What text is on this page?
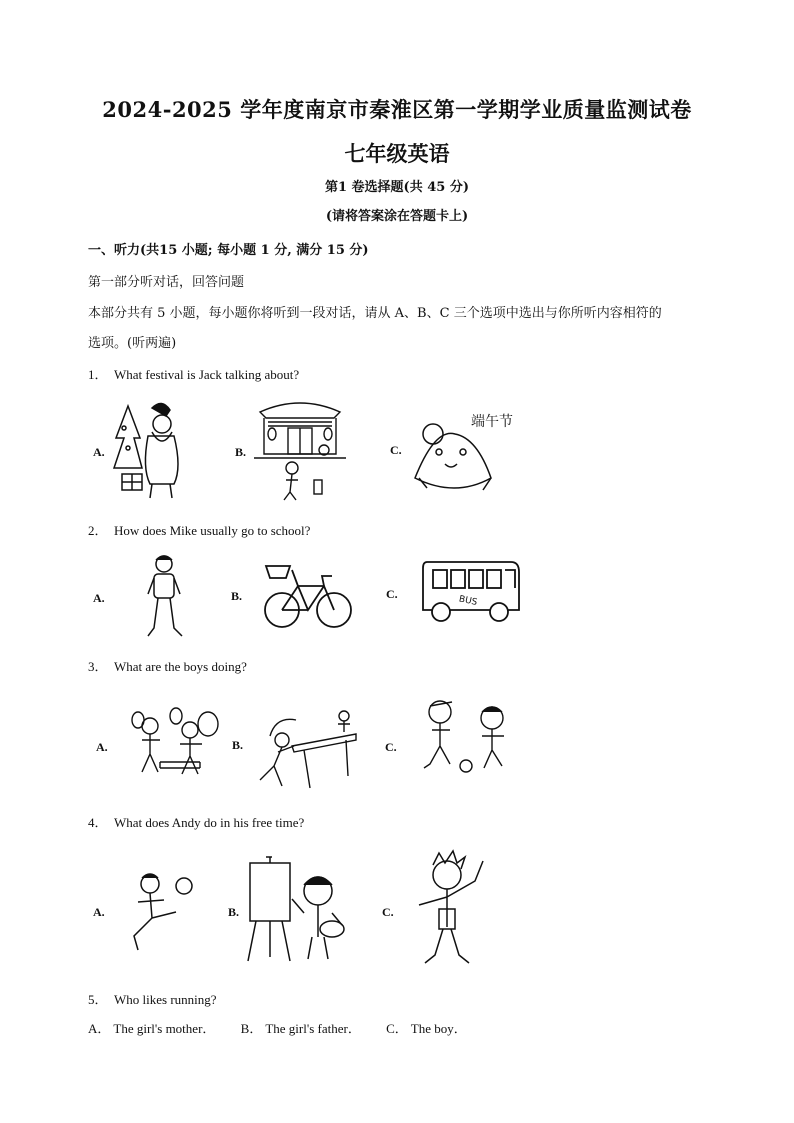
2024-2025 学年度南京市秦淮区第一学期学业质量监测试卷
七年级英语
第1 卷选择题(共 45 分)
(请将答案涂在答题卡上)
一、听力(共15 小题; 每小题 1 分, 满分 15 分)
第一部分听对话，回答问题
本部分共有 5 小题，每小题你将听到一段对话，请从 A、B、C 三个选项中选出与你所听内容相符的
选项。(听两遍)
1． What festival is Jack talking about?
A.	B.	C.
端午节
2． How does Mike usually go to school?
A.	B.	C.
BUS
3． What are the boys doing?
A.	B.	C.
4． What does Andy do in his free time?
A.	B.	C.
5． Who likes running?
A． The girl's mother． B． The girl's father． C． The boy．
